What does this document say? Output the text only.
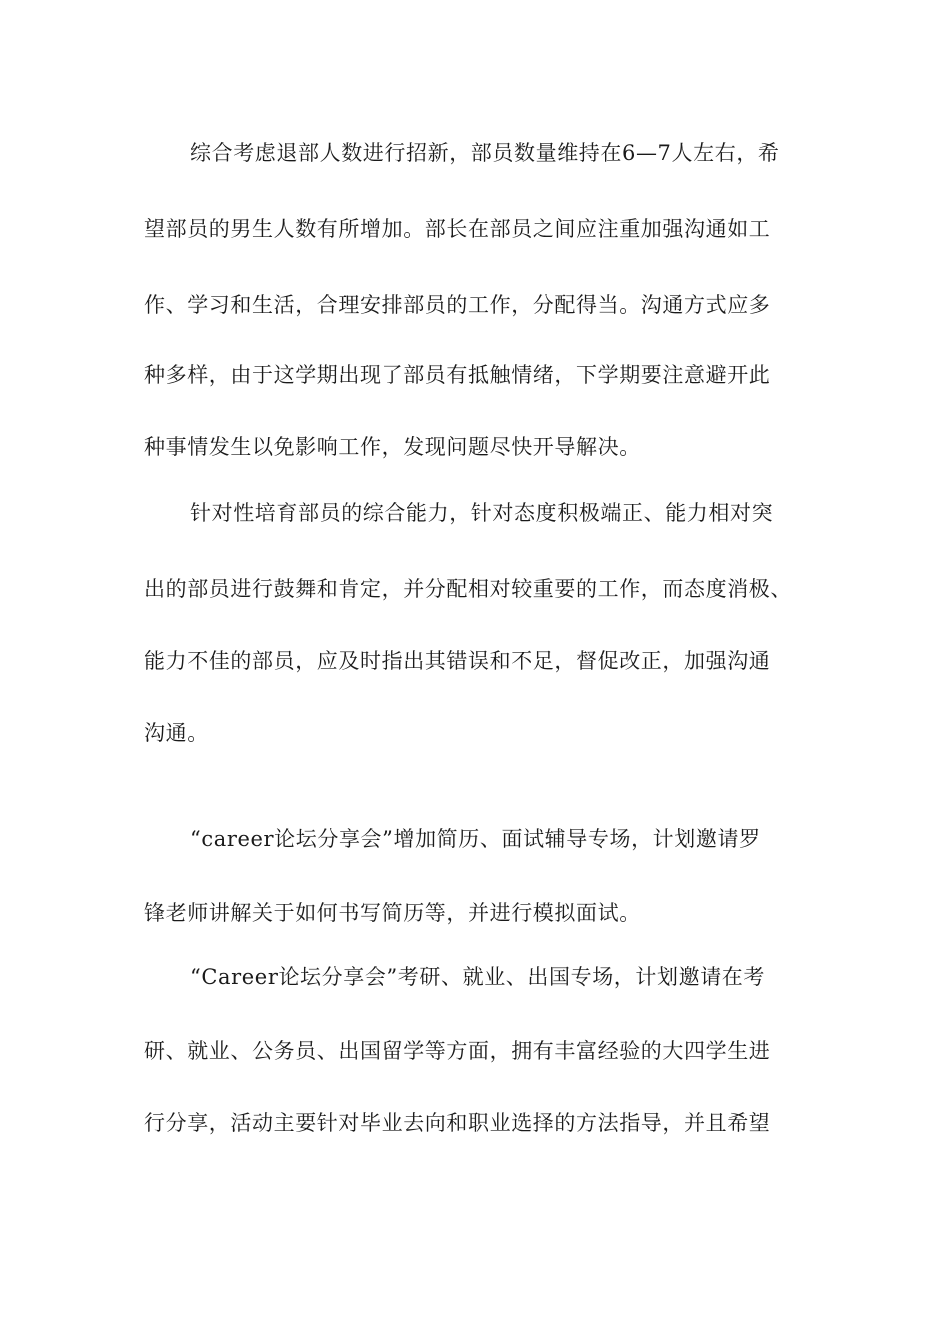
综合考虑退部人数进行招新，部员数量维持在6—7人左右，希
望部员的男生人数有所增加。部长在部员之间应注重加强沟通如工
作、学习和生活，合理安排部员的工作，分配得当。沟通方式应多
种多样，由于这学期出现了部员有抵触情绪，下学期要注意避开此
种事情发生以免影响工作，发现问题尽快开导解决。
针对性培育部员的综合能力，针对态度积极端正、能力相对突
出的部员进行鼓舞和肯定，并分配相对较重要的工作，而态度消极、
能力不佳的部员，应及时指出其错误和不足，督促改正，加强沟通
沟通。
“career论坛分享会”增加简历、面试辅导专场，计划邀请罗
锋老师讲解关于如何书写简历等，并进行模拟面试。
“Career论坛分享会”考研、就业、出国专场，计划邀请在考
研、就业、公务员、出国留学等方面，拥有丰富经验的大四学生进
行分享，活动主要针对毕业去向和职业选择的方法指导，并且希望
